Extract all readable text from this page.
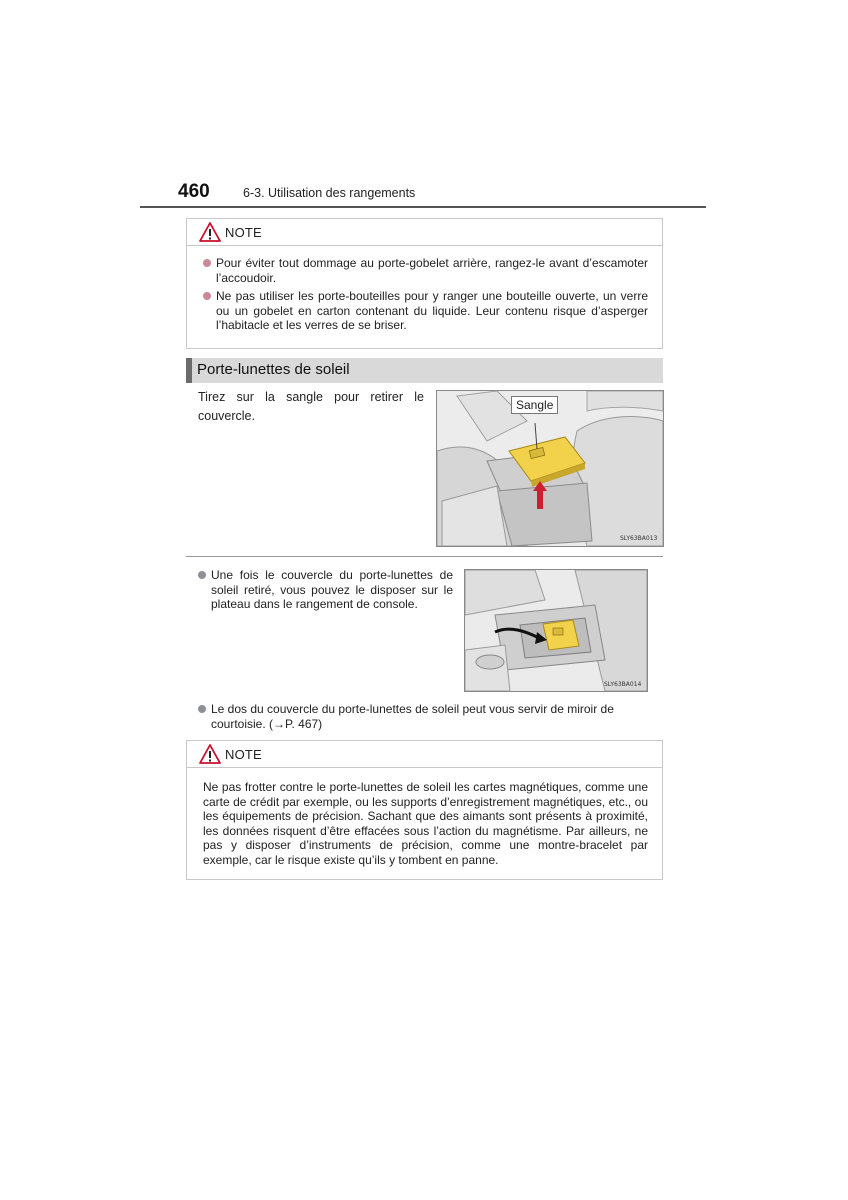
460	6-3. Utilisation des rangements
NOTE
Pour éviter tout dommage au porte-gobelet arrière, rangez-le avant d’escamoter l’accoudoir.
Ne pas utiliser les porte-bouteilles pour y ranger une bouteille ouverte, un verre ou un gobelet en carton contenant du liquide. Leur contenu risque d’asperger l’habitacle et les verres de se briser.
Porte-lunettes de soleil
Tirez sur la sangle pour retirer le couvercle.
Sangle
SLY63BA013
Une fois le couvercle du porte-lunettes de soleil retiré, vous pouvez le disposer sur le plateau dans le rangement de console.
SLY63BA014
Le dos du couvercle du porte-lunettes de soleil peut vous servir de miroir de courtoisie. (→P. 467)
NOTE
Ne pas frotter contre le porte-lunettes de soleil les cartes magnétiques, comme une carte de crédit par exemple, ou les supports d’enregistrement magnétiques, etc., ou les équipements de précision. Sachant que des aimants sont présents à proximité, les données risquent d’être effacées sous l’action du magnétisme. Par ailleurs, ne pas y disposer d’instruments de précision, comme une montre-bracelet par exemple, car le risque existe qu’ils y tombent en panne.
